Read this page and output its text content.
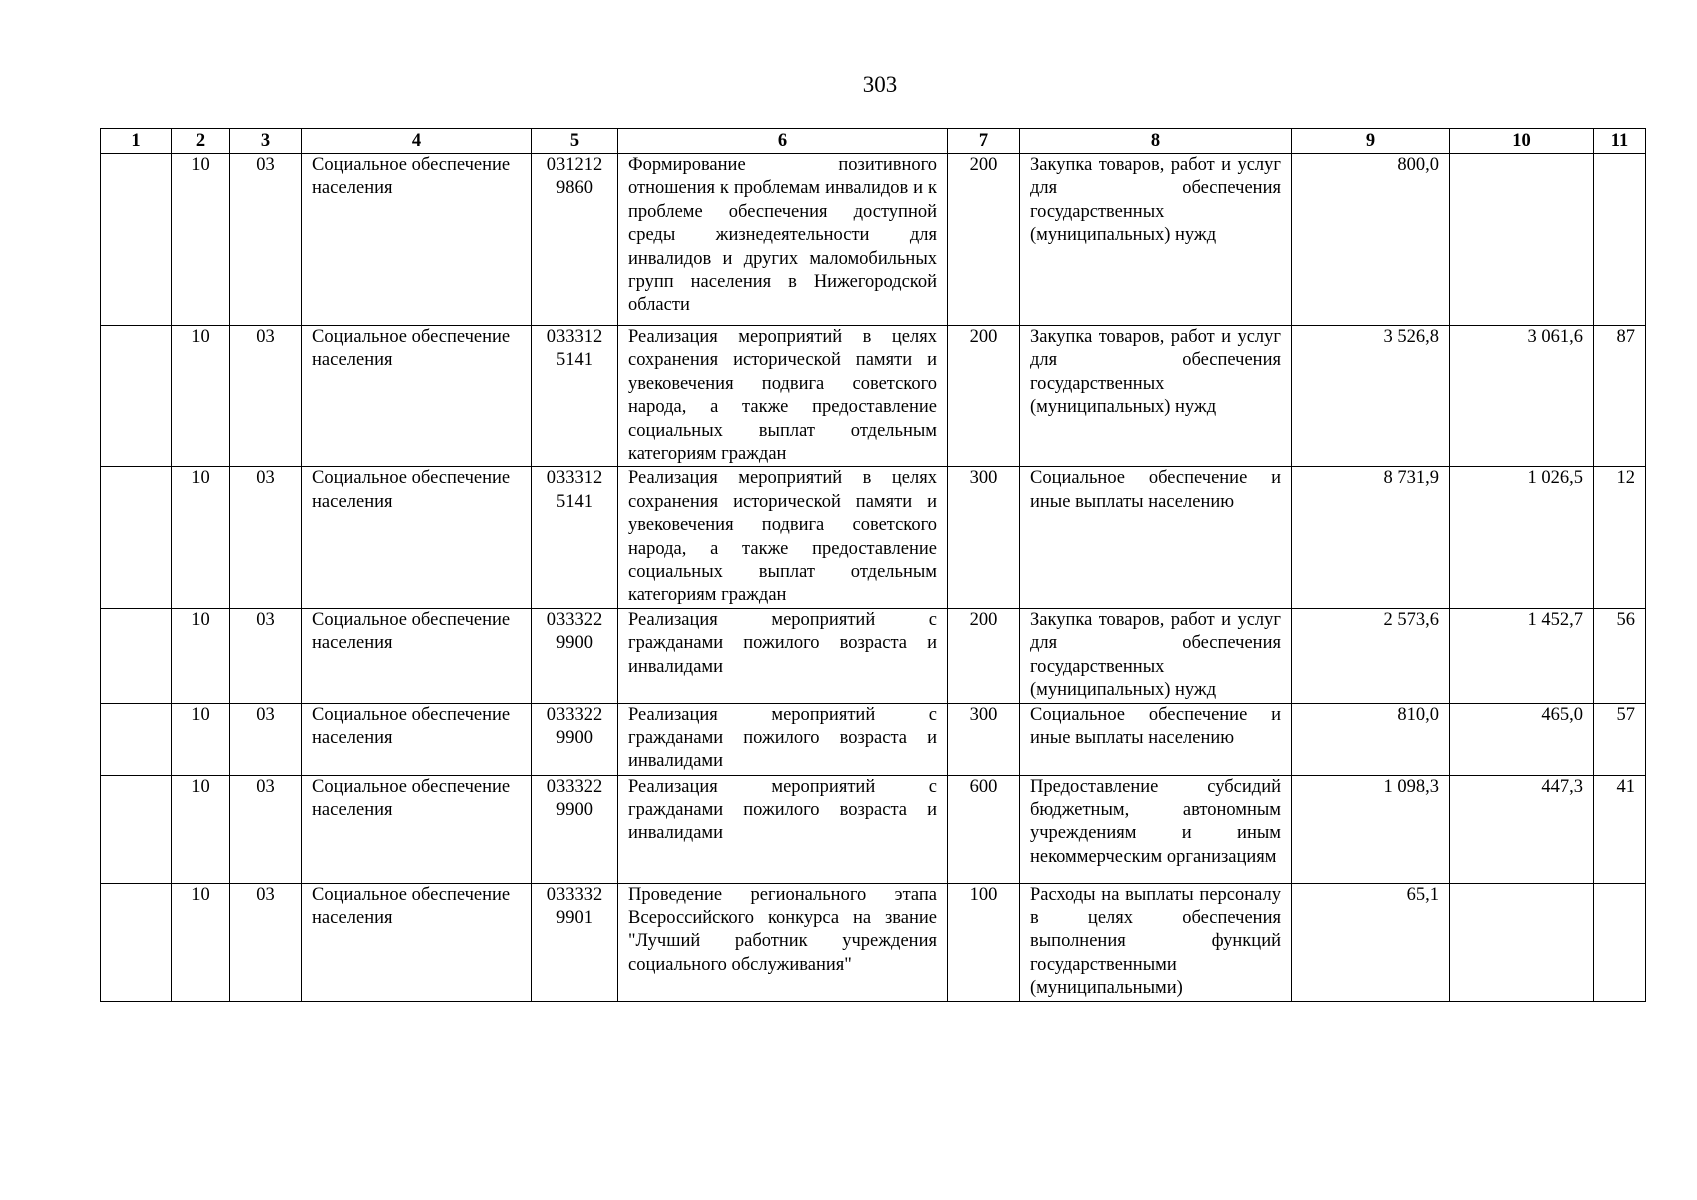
303
1	2	3	4	5	6	7	8	9	10	11
	10	03	Социальное обеспечение населения	031212 9860	Формирование позитивного отношения к проблемам инвалидов и к проблеме обеспечения доступной среды жизнедеятельности для инвалидов и других маломобильных групп населения в Нижегородской области	200	Закупка товаров, работ и услуг для обеспечения государственных (муниципальных) нужд	800,0		
	10	03	Социальное обеспечение населения	033312 5141	Реализация мероприятий в целях сохранения исторической памяти и увековечения подвига советского народа, а также предоставление социальных выплат отдельным категориям граждан	200	Закупка товаров, работ и услуг для обеспечения государственных (муниципальных) нужд	3 526,8	3 061,6	87
	10	03	Социальное обеспечение населения	033312 5141	Реализация мероприятий в целях сохранения исторической памяти и увековечения подвига советского народа, а также предоставление социальных выплат отдельным категориям граждан	300	Социальное обеспечение и иные выплаты населению	8 731,9	1 026,5	12
	10	03	Социальное обеспечение населения	033322 9900	Реализация мероприятий с гражданами пожилого возраста и инвалидами	200	Закупка товаров, работ и услуг для обеспечения государственных (муниципальных) нужд	2 573,6	1 452,7	56
	10	03	Социальное обеспечение населения	033322 9900	Реализация мероприятий с гражданами пожилого возраста и инвалидами	300	Социальное обеспечение и иные выплаты населению	810,0	465,0	57
	10	03	Социальное обеспечение населения	033322 9900	Реализация мероприятий с гражданами пожилого возраста и инвалидами	600	Предоставление субсидий бюджетным, автономным учреждениям и иным некоммерческим организациям	1 098,3	447,3	41
	10	03	Социальное обеспечение населения	033332 9901	Проведение регионального этапа Всероссийского конкурса на звание "Лучший работник учреждения социального обслуживания"	100	Расходы на выплаты персоналу в целях обеспечения выполнения функций государственными (муниципальными)	65,1		
